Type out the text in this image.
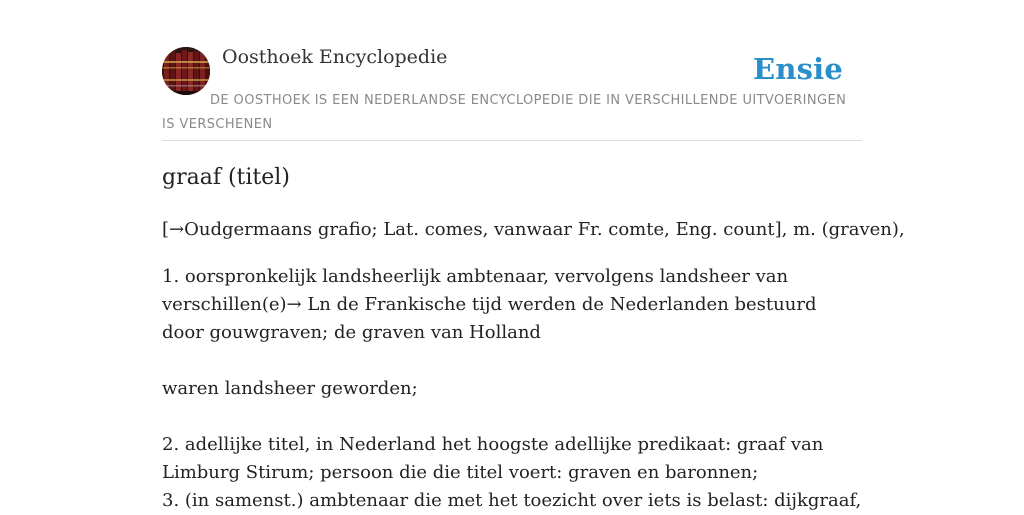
Oosthoek Encyclopedie	Ensie
DE OOSTHOEK IS EEN NEDERLANDSE ENCYCLOPEDIE DIE IN VERSCHILLENDE UITVOERINGEN IS VERSCHENEN
graaf (titel)

[→Oudgermaans grafio; Lat. comes, vanwaar Fr. comte, Eng. count], m. (graven),

1. oorspronkelijk landsheerlijk ambtenaar, vervolgens landsheer van verschillen(e)→ Ln de Frankische tijd werden de Nederlanden bestuurd door gouwgraven; de graven van Holland

waren landsheer geworden;

2. adellijke titel, in Nederland het hoogste adellijke predikaat: graaf van Limburg Stirum; persoon die die titel voert: graven en baronnen;

3. (in samenst.) ambtenaar die met het toezicht over iets is belast: dijkgraaf,
